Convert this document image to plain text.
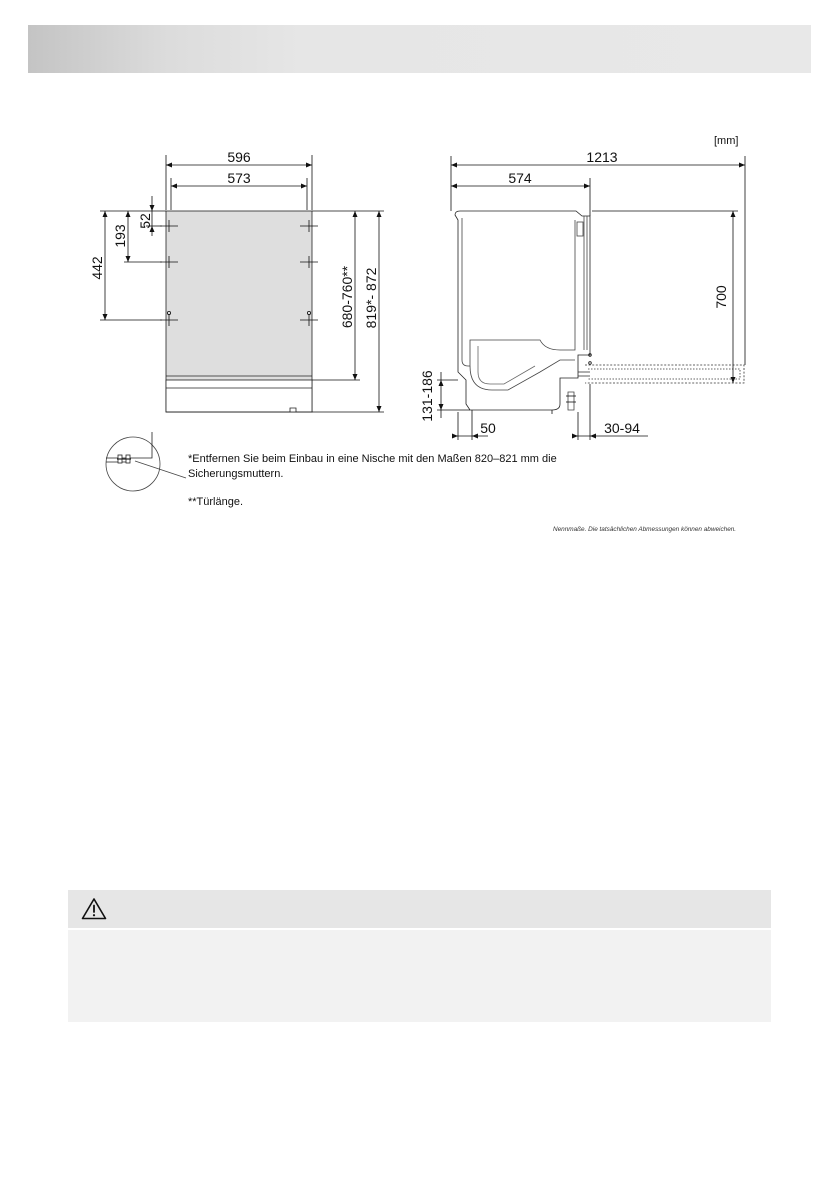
[mm]
596
573
52
193
442	680-760** 819*- 872
1213
574
700
131-186
50	30-94
*Entfernen Sie beim Einbau in eine Nische mit den Maßen 820–821 mm die
Sicherungsmuttern.
**Türlänge.
Nennmaße. Die tatsächlichen Abmessungen können abweichen.
